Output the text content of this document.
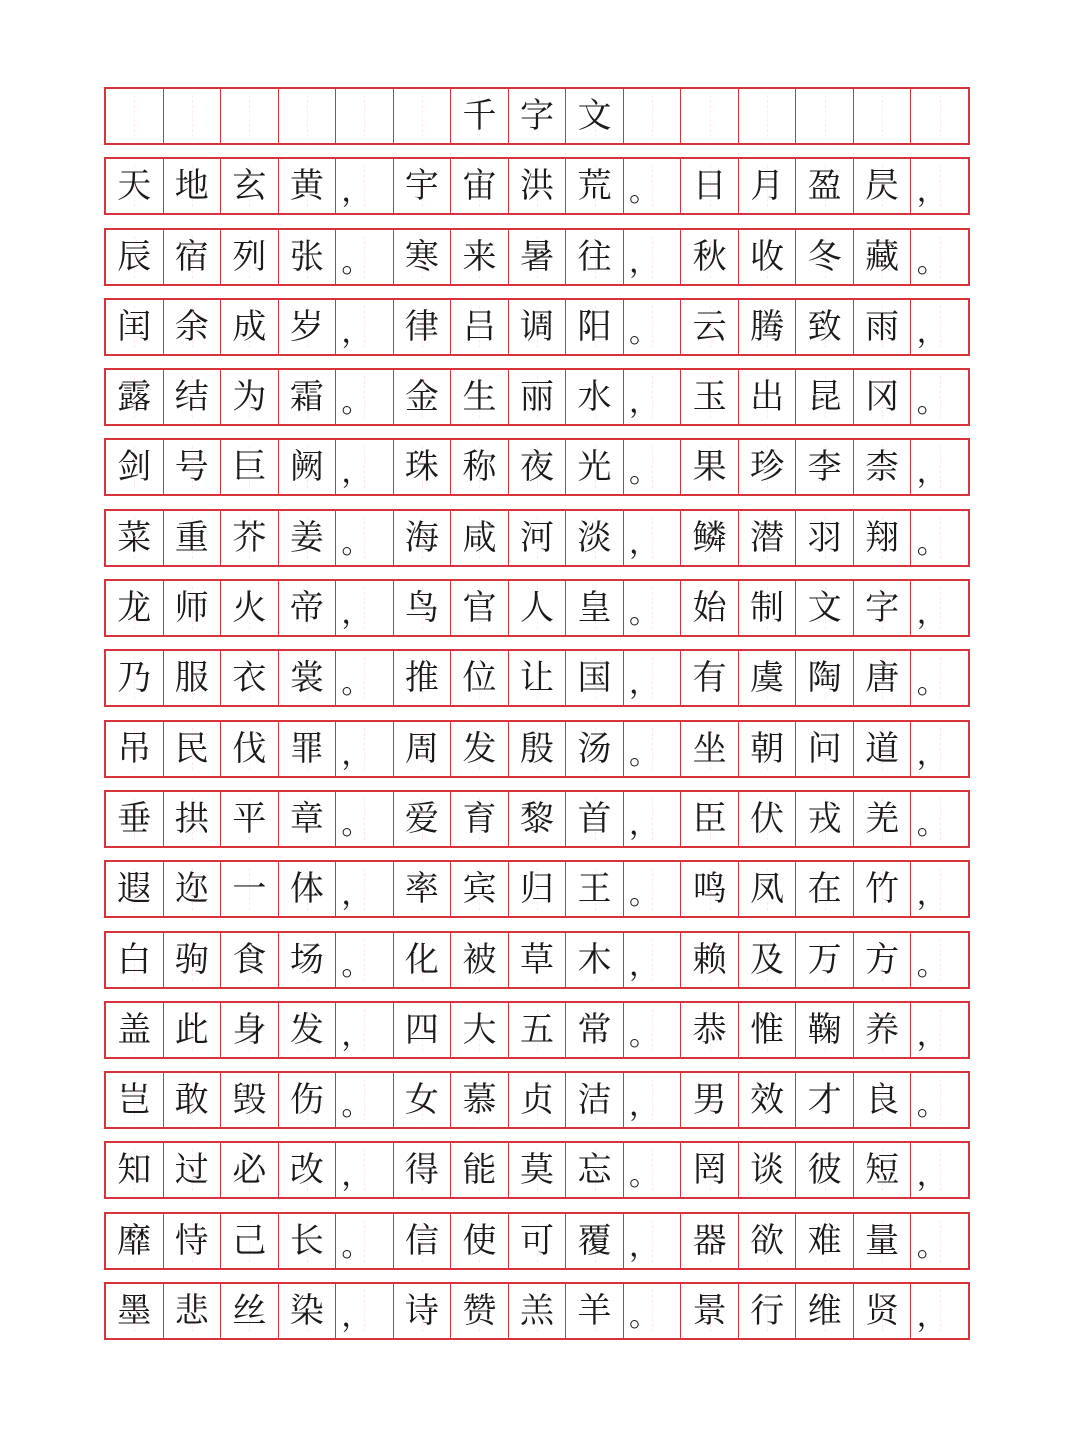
千 字 文
天 地 玄 黄 ， 宇 宙 洪 荒 。 日 月 盈 昃 ，
辰 宿 列 张 。 寒 来 暑 往 ， 秋 收 冬 藏 。
闰 余 成 岁 ， 律 吕 调 阳 。 云 腾 致 雨 ，
露 结 为 霜 。 金 生 丽 水 ， 玉 出 昆 冈 。
剑 号 巨 阙 ， 珠 称 夜 光 。 果 珍 李 柰 ，
菜 重 芥 姜 。 海 咸 河 淡 ， 鳞 潜 羽 翔 。
龙 师 火 帝 ， 鸟 官 人 皇 。 始 制 文 字 ，
乃 服 衣 裳 。 推 位 让 国 ， 有 虞 陶 唐 。
吊 民 伐 罪 ， 周 发 殷 汤 。 坐 朝 问 道 ，
垂 拱 平 章 。 爱 育 黎 首 ， 臣 伏 戎 羌 。
遐 迩 一 体 ， 率 宾 归 王 。 鸣 凤 在 竹 ，
白 驹 食 场 。 化 被 草 木 ， 赖 及 万 方 。
盖 此 身 发 ， 四 大 五 常 。 恭 惟 鞠 养 ，
岂 敢 毁 伤 。 女 慕 贞 洁 ， 男 效 才 良 。
知 过 必 改 ， 得 能 莫 忘 。 罔 谈 彼 短 ，
靡 恃 己 长 。 信 使 可 覆 ， 器 欲 难 量 。
墨 悲 丝 染 ， 诗 赞 羔 羊 。 景 行 维 贤 ，
